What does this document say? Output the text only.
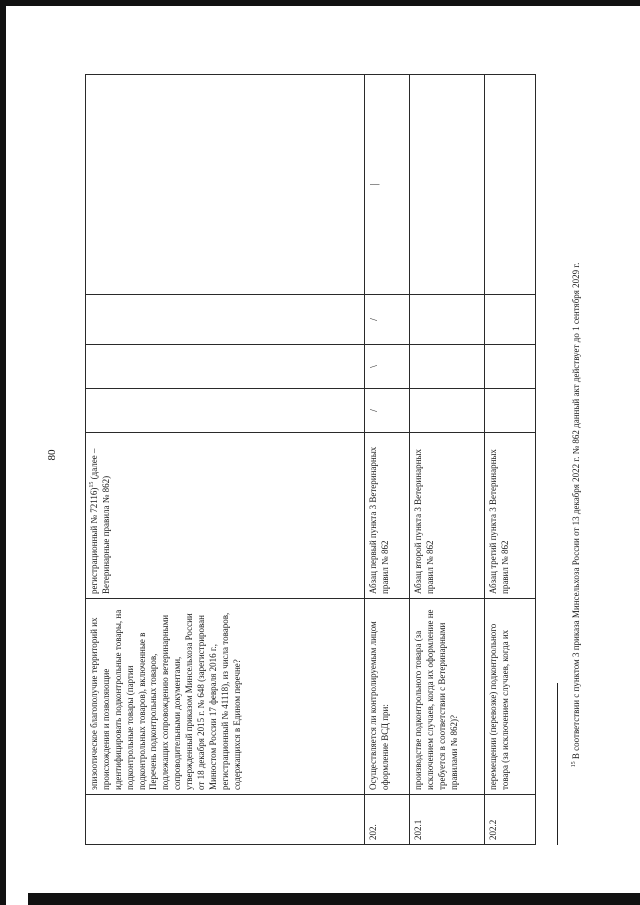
80
	эпизоотическое благополучие территорий их происхождения и позволяющие идентифицировать подконтрольные товары, на подконтрольные товары (партии подконтрольных товаров), включенные в Перечень подконтрольных товаров, подлежащих сопровождению ветеринарными сопроводительными документами, утвержденный приказом Минсельхоза России от 18 декабря 2015 г. № 648 (зарегистрирован Минюстом России 17 февраля 2016 г., регистрационный № 41118), из числа товаров, содержащихся в Едином перечне?	регистрационный № 72116)$^{15}$ (далее – Ветеринарные правила № 862)				
202.	Осуществляется ли контролируемым лицом оформление ВСД при:	Абзац первый пункта 3 Ветеринарных правил № 862	/	\	/	|
202.1	производстве подконтрольного товара (за исключением случаев, когда их оформление не требуется в соответствии с Ветеринарными правилами № 862)?	Абзац второй пункта 3 Ветеринарных правил № 862				
202.2	перемещении (перевозке) подконтрольного товара (за исключением случаев, когда их	Абзац третий пункта 3 Ветеринарных правил № 862				
$^{15}$ В соответствии с пунктом 3 приказа Минсельхоза России от 13 декабря 2022 г. № 862 данный акт действует до 1 сентября 2029 г.
